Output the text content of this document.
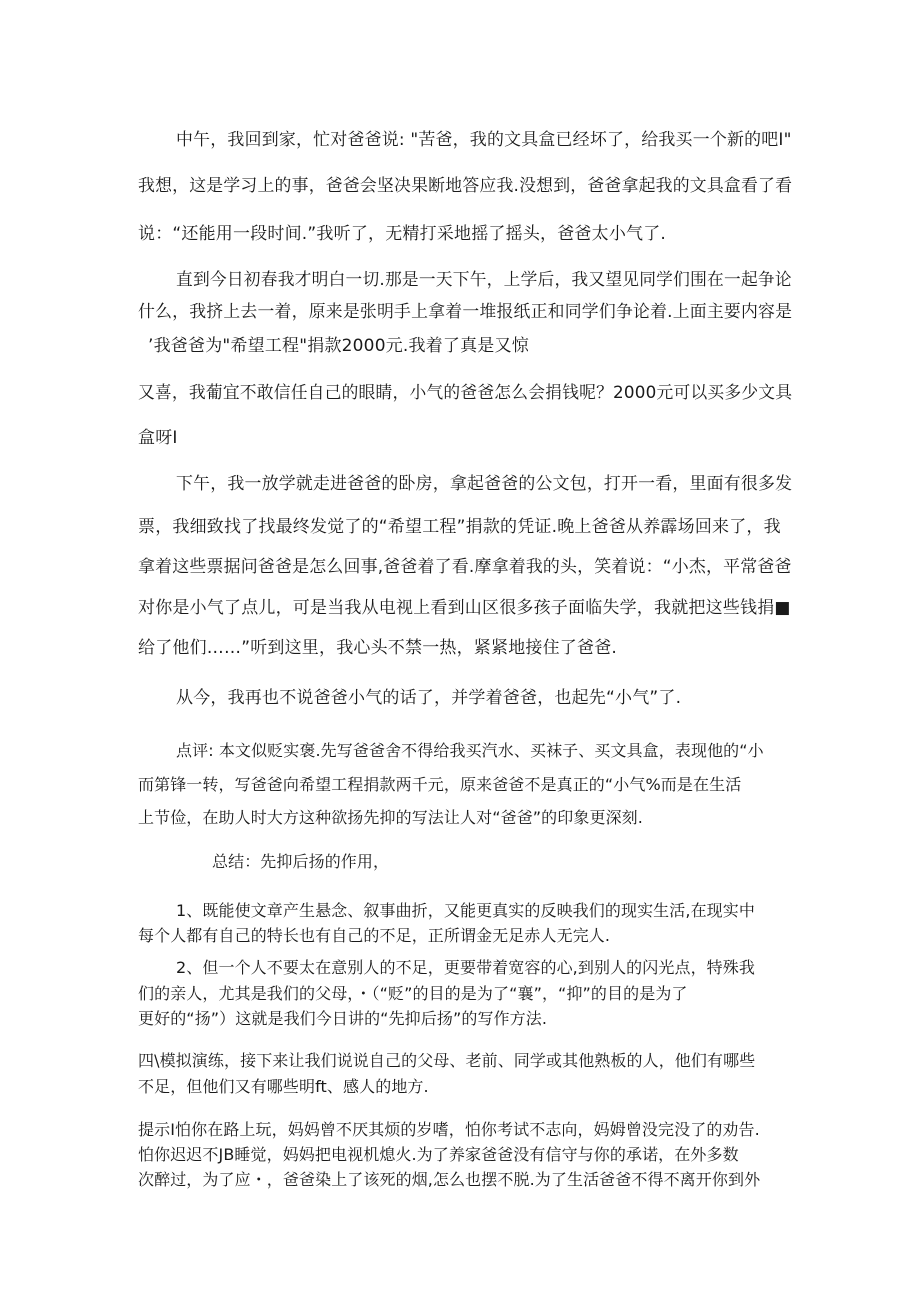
中午，我回到家，忙对爸爸说: "苦爸，我的文具盒已经坏了，给我买一个新的吧I"
我想，这是学习上的事，爸爸会坚决果断地答应我.没想到，爸爸拿起我的文具盒看了看
说：“还能用一段时间.”我听了，无精打采地摇了摇头，爸爸太小气了.
直到今日初春我才明白一切.那是一天下午，上学后，我又望见同学们围在一起争论
什么，我挤上去一着，原来是张明手上拿着一堆报纸正和同学们争论着.上面主要内容是
’我爸爸为"希望工程"捐款2000元.我着了真是又惊
又喜，我葡宜不敢信任自己的眼睛，小气的爸爸怎么会捐钱呢？2000元可以买多少文具
盒呀I
下午，我一放学就走进爸爸的卧房，拿起爸爸的公文包，打开一看，里面有很多发
票，我细致找了找最终发觉了的“希望工程”捐款的凭证.晚上爸爸从养霹场回来了，我
拿着这些票据问爸爸是怎么回事,爸爸着了看.摩拿着我的头，笑着说：“小杰，平常爸爸
对你是小气了点儿，可是当我从电视上看到山区很多孩子面临失学，我就把这些钱捐■
给了他们……”听到这里，我心头不禁一热，紧紧地接住了爸爸.
从今，我再也不说爸爸小气的话了，并学着爸爸，也起先“小气”了.
点评: 本文似贬实褒.先写爸爸舍不得给我买汽水、买袜子、买文具盒，表现他的“小
而第锋一转，写爸爸向希望工程捐款两千元，原来爸爸不是真正的“小气%而是在生活
上节俭，在助人时大方这种欲扬先抑的写法让人对“爸爸”的印象更深刻.
总结：先抑后扬的作用，
1、既能使文章产生悬念、叙事曲折，又能更真实的反映我们的现实生活,在现实中
每个人都有自己的特长也有自己的不足，正所谓金无足赤人无完人.
2、但一个人不要太在意别人的不足，更要带着宽容的心,到别人的闪光点，特殊我
们的亲人，尤其是我们的父母，・（“贬”的目的是为了“襄”，“抑”的目的是为了
更好的“扬”）这就是我们今日讲的“先抑后扬”的写作方法.
四\模拟演练，接下来让我们说说自己的父母、老前、同学或其他熟板的人，他们有哪些
不足，但他们又有哪些明ft、感人的地方.
提示I怕你在路上玩，妈妈曾不厌其烦的岁嗜，怕你考试不志向，妈姆曾没完没了的劝告.
怕你迟迟不JB睡觉，妈妈把电视机熄火.为了养家爸爸没有信守与你的承诺，在外多数
次醉过，为了应・，爸爸染上了该死的烟,怎么也摆不脱.为了生活爸爸不得不离开你到外
